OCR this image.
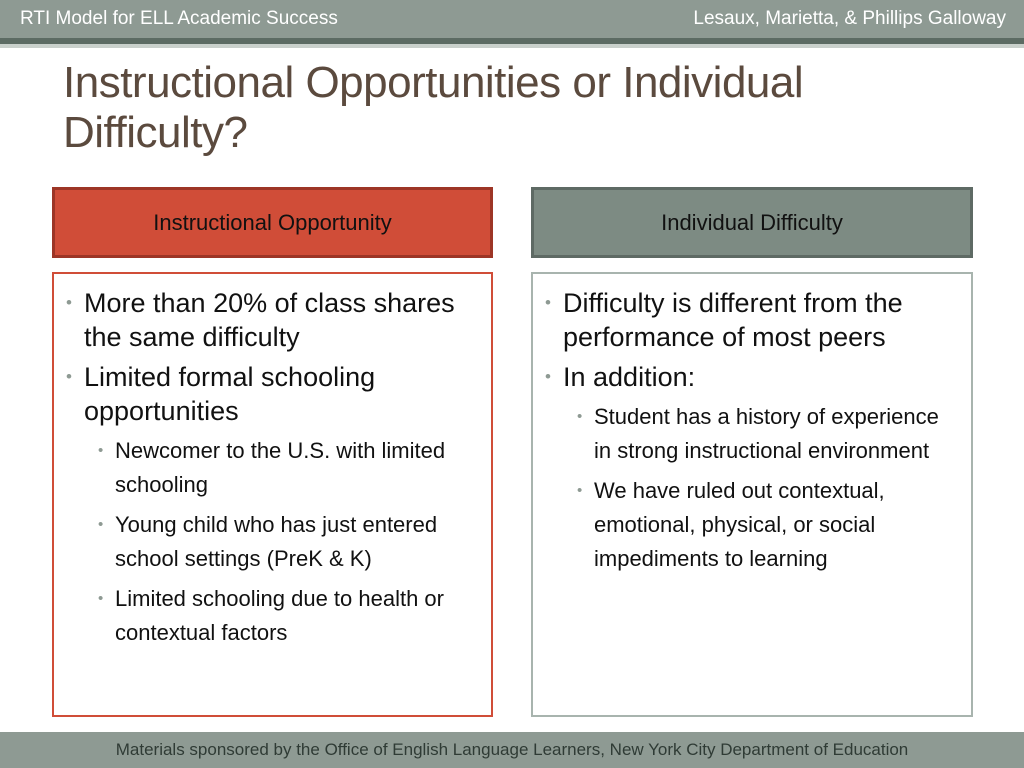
RTI Model for ELL Academic Success	Lesaux, Marietta, & Phillips Galloway
Instructional Opportunities or Individual Difficulty?
Instructional Opportunity	Individual Difficulty
• More than 20% of class shares the same difficulty
• Limited formal schooling opportunities
• Newcomer to the U.S. with limited schooling
• Young child who has just entered school settings (PreK & K)
• Limited schooling due to health or contextual factors
• Difficulty is different from the performance of most peers
• In addition:
• Student has a history of experience in strong instructional environment
• We have ruled out contextual, emotional, physical, or social impediments to learning
Materials sponsored by the Office of English Language Learners, New York City Department of Education
